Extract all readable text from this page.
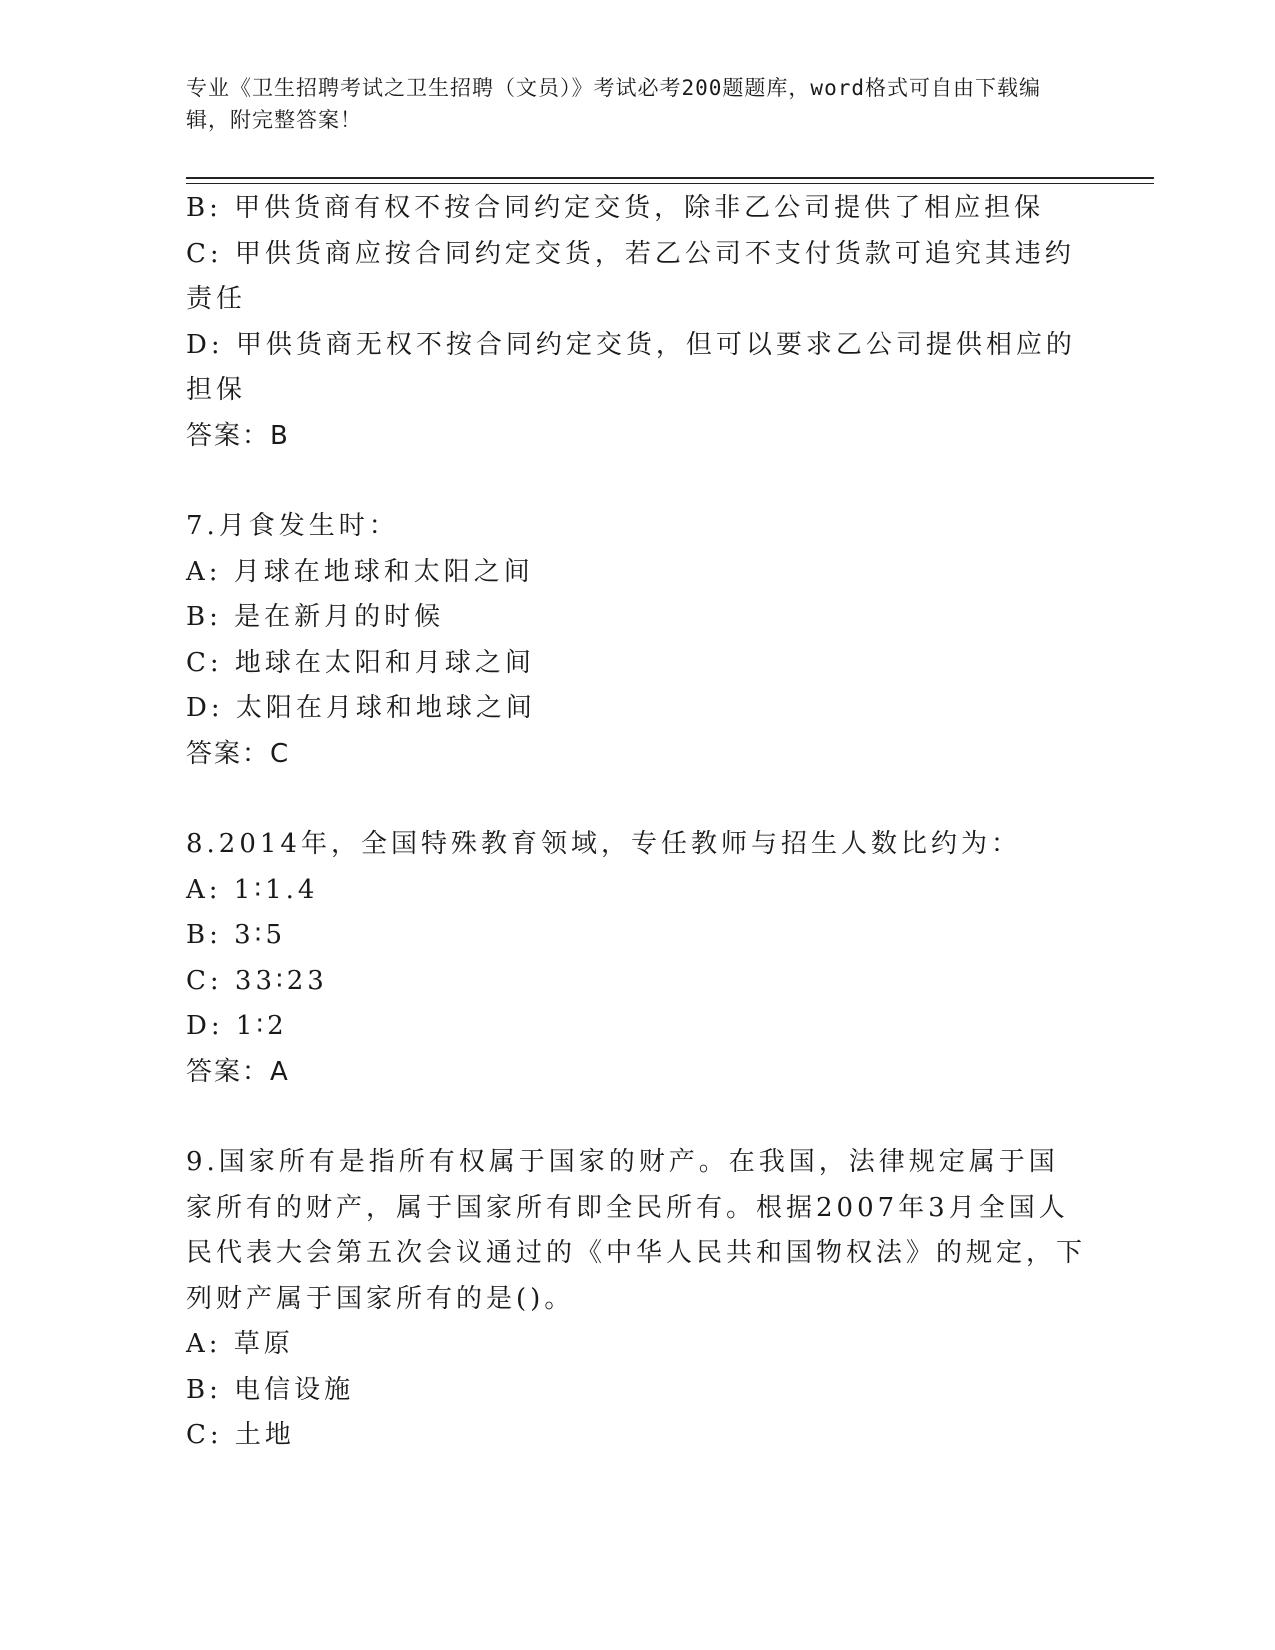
专业《卫生招聘考试之卫生招聘（文员）》考试必考200题题库，word格式可自由下载编辑，附完整答案！

B: 甲供货商有权不按合同约定交货，除非乙公司提供了相应担保

C: 甲供货商应按合同约定交货，若乙公司不支付货款可追究其违约责任

D: 甲供货商无权不按合同约定交货，但可以要求乙公司提供相应的担保

答案：B

7.月食发生时：

A: 月球在地球和太阳之间

B: 是在新月的时候

C: 地球在太阳和月球之间

D: 太阳在月球和地球之间

答案：C

8.2014年，全国特殊教育领域，专任教师与招生人数比约为：

A: 1∶1.4

B: 3∶5

C: 33∶23

D: 1∶2

答案：A

9.国家所有是指所有权属于国家的财产。在我国，法律规定属于国家所有的财产，属于国家所有即全民所有。根据2007年3月全国人民代表大会第五次会议通过的《中华人民共和国物权法》的规定，下列财产属于国家所有的是()。

A: 草原

B: 电信设施

C: 土地
